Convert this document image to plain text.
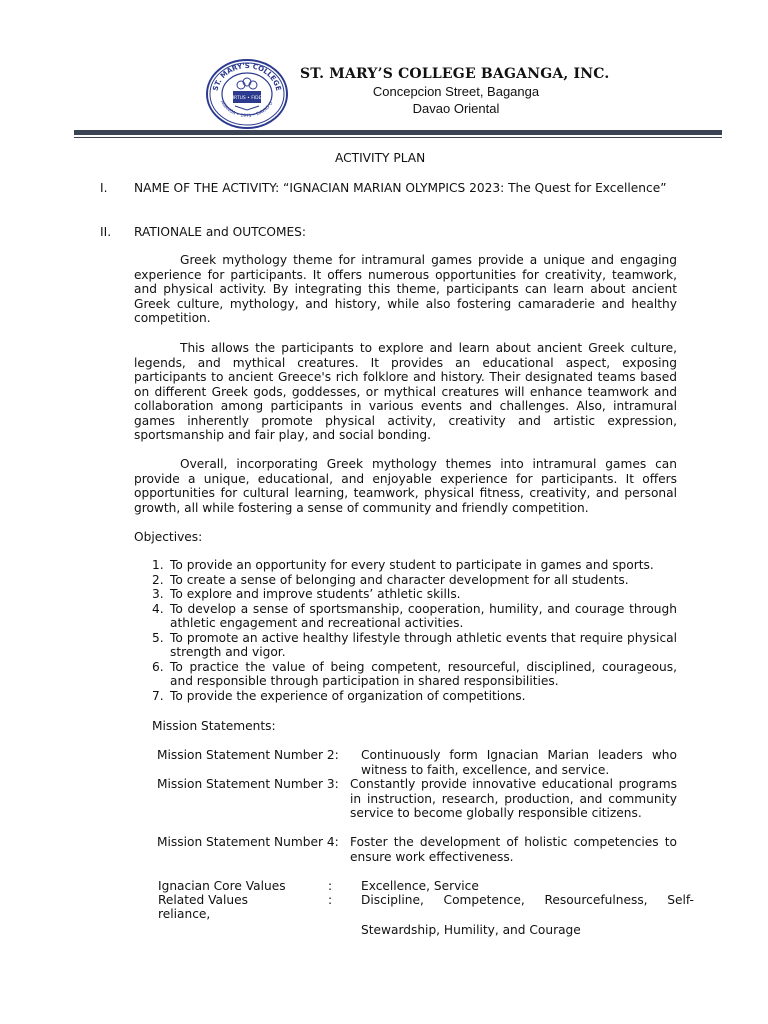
ST. MARY'S COLLEGE
AGANGA • 1971 • DAVAO O
VIRTUS • FIDES
ST. MARY’S COLLEGE BAGANGA, INC.
Concepcion Street, Baganga
Davao Oriental
ACTIVITY PLAN
I. NAME OF THE ACTIVITY: “IGNACIAN MARIAN OLYMPICS 2023: The Quest for Excellence”
II. RATIONALE and OUTCOMES:
Greek mythology theme for intramural games provide a unique and engaging experience for participants. It offers numerous opportunities for creativity, teamwork, and physical activity. By integrating this theme, participants can learn about ancient Greek culture, mythology, and history, while also fostering camaraderie and healthy competition.
This allows the participants to explore and learn about ancient Greek culture, legends, and mythical creatures. It provides an educational aspect, exposing participants to ancient Greece's rich folklore and history. Their designated teams based on different Greek gods, goddesses, or mythical creatures will enhance teamwork and collaboration among participants in various events and challenges. Also, intramural games inherently promote physical activity, creativity and artistic expression, sportsmanship and fair play, and social bonding.
Overall, incorporating Greek mythology themes into intramural games can provide a unique, educational, and enjoyable experience for participants. It offers opportunities for cultural learning, teamwork, physical fitness, creativity, and personal growth, all while fostering a sense of community and friendly competition.
Objectives:
1. To provide an opportunity for every student to participate in games and sports.
2. To create a sense of belonging and character development for all students.
3. To explore and improve students’ athletic skills.
4. To develop a sense of sportsmanship, cooperation, humility, and courage through athletic engagement and recreational activities.
5. To promote an active healthy lifestyle through athletic events that require physical strength and vigor.
6. To practice the value of being competent, resourceful, disciplined, courageous, and responsible through participation in shared responsibilities.
7. To provide the experience of organization of competitions.
Mission Statements:
Mission Statement Number 2:	Continuously form Ignacian Marian leaders who witness to faith, excellence, and service.
Mission Statement Number 3: Constantly provide innovative educational programs in instruction, research, production, and community service to become globally responsible citizens.
Mission Statement Number 4: Foster the development of holistic competencies to ensure work effectiveness.
Ignacian Core Values	: Excellence, Service
Related Values	: Discipline,  Competence,  Resourcefulness,  Self-
reliance,
Stewardship, Humility, and Courage
